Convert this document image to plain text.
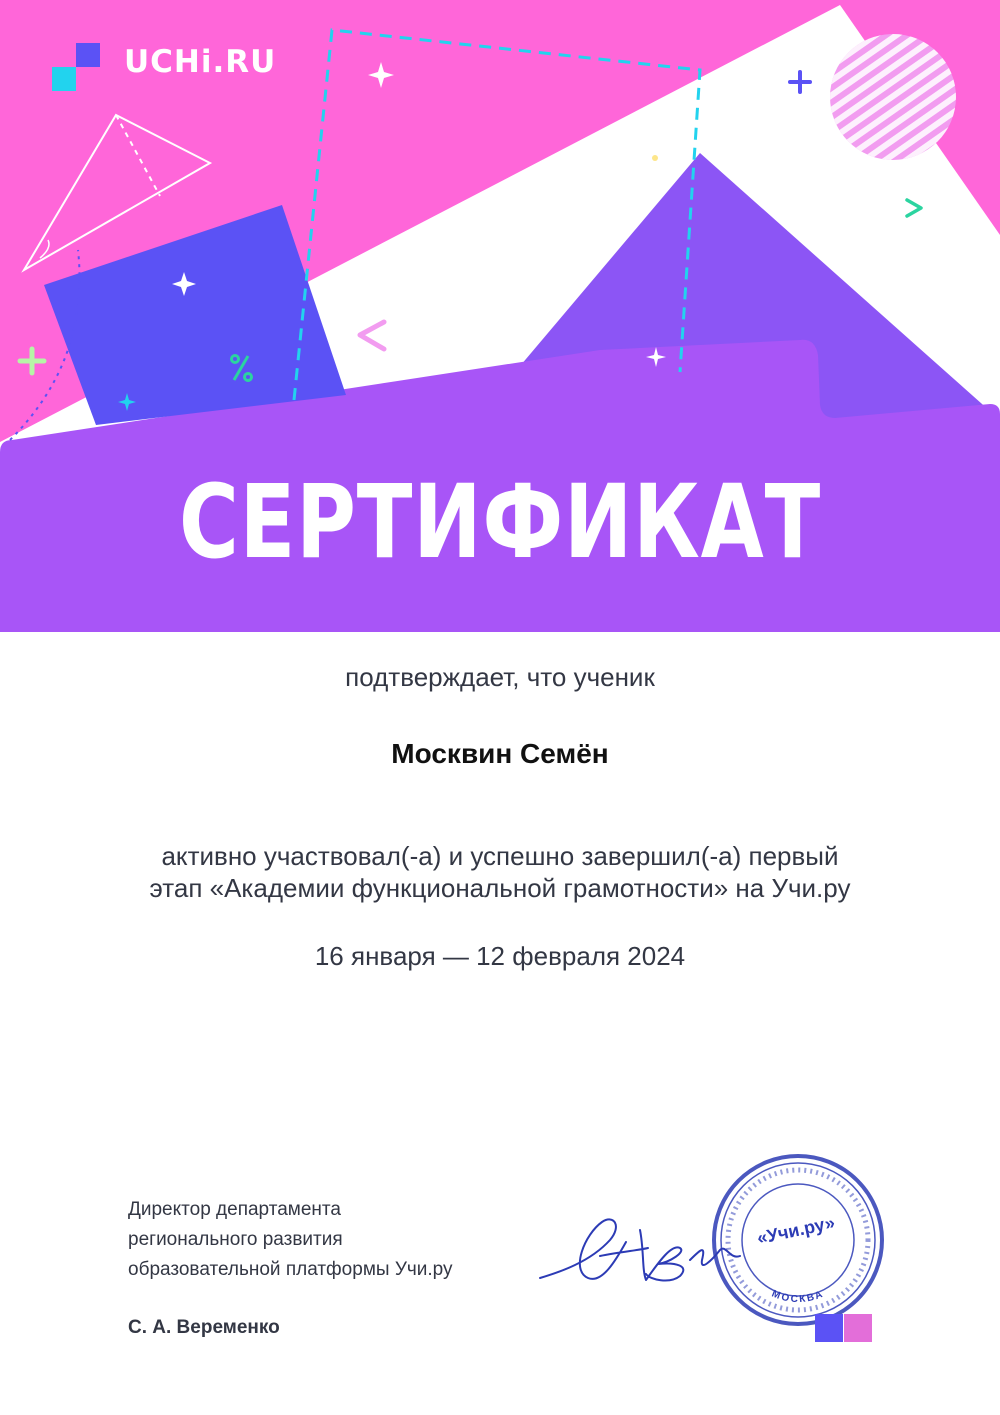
UCHi.RU
СЕРТИФИКАТ
подтверждает, что ученик
Москвин Семён
активно участвовал(-а) и успешно завершил(-а) первый
этап «Академии функциональной грамотности» на Учи.ру
16 января — 12 февраля 2024
Директор департамента
регионального развития
образовательной платформы Учи.ру
С. А. Веременко
«Учи.ру»
МОСКВА
